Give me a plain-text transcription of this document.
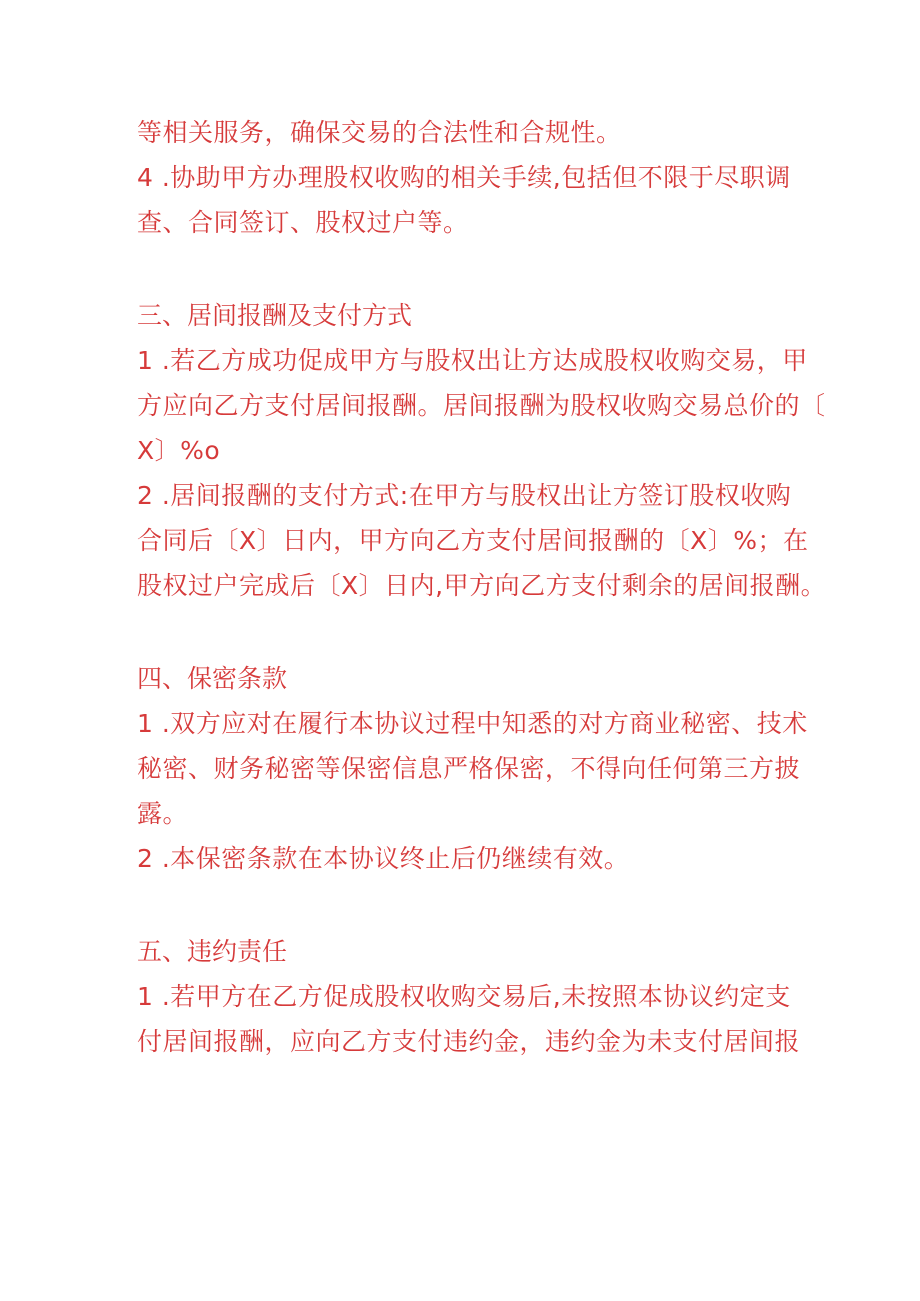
等相关服务，确保交易的合法性和合规性。
4 .协助甲方办理股权收购的相关手续,包括但不限于尽职调
查、合同签订、股权过户等。
三、居间报酬及支付方式
1 .若乙方成功促成甲方与股权出让方达成股权收购交易，甲
方应向乙方支付居间报酬。居间报酬为股权收购交易总价的〔
X〕%o
2 .居间报酬的支付方式:在甲方与股权出让方签订股权收购
合同后〔X〕日内，甲方向乙方支付居间报酬的〔X〕%；在
股权过户完成后〔X〕日内,甲方向乙方支付剩余的居间报酬。
四、保密条款
1 .双方应对在履行本协议过程中知悉的对方商业秘密、技术
秘密、财务秘密等保密信息严格保密，不得向任何第三方披
露。
2 .本保密条款在本协议终止后仍继续有效。
五、违约责任
1 .若甲方在乙方促成股权收购交易后,未按照本协议约定支
付居间报酬，应向乙方支付违约金，违约金为未支付居间报
